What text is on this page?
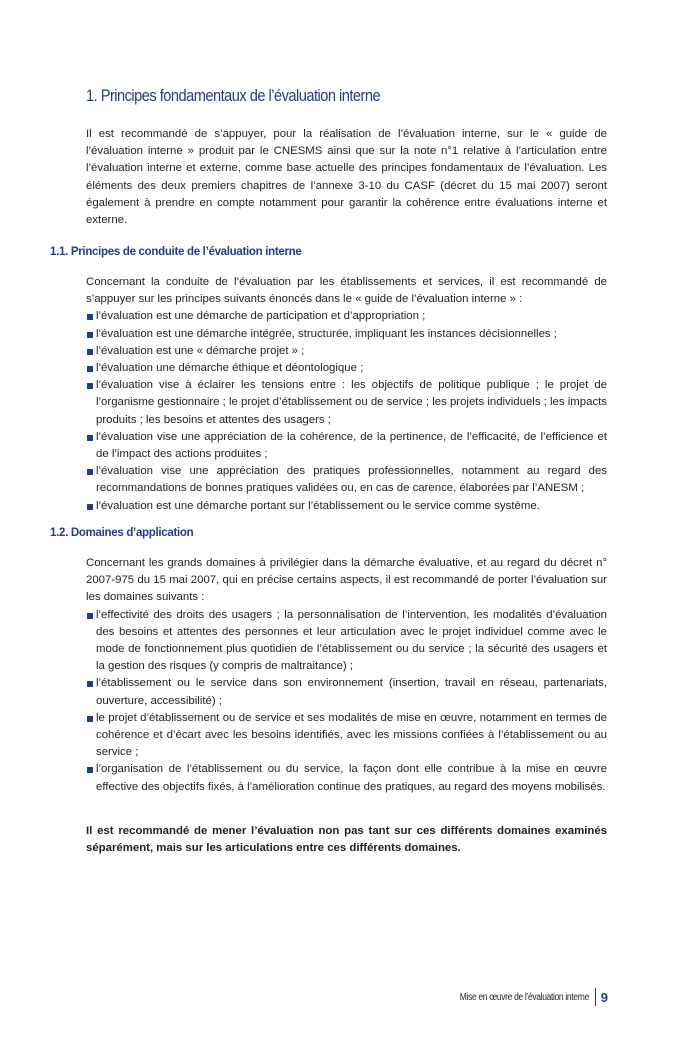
1. Principes fondamentaux de l’évaluation interne

Il est recommandé de s’appuyer, pour la réalisation de l’évaluation interne, sur le « guide de l’évaluation interne » produit par le CNESMS ainsi que sur la note n°1 relative à l’articulation entre l’évaluation interne et externe, comme base actuelle des principes fondamentaux de l’évaluation. Les éléments des deux premiers chapitres de l’annexe 3-10 du CASF (décret du 15 mai 2007) seront également à prendre en compte notamment pour garantir la cohérence entre évaluations interne et externe.

1.1. Principes de conduite de l’évaluation interne

Concernant la conduite de l’évaluation par les établissements et services, il est recommandé de s’appuyer sur les principes suivants énoncés dans le « guide de l’évaluation interne » :

l’évaluation est une démarche de participation et d’appropriation ;
l’évaluation est une démarche intégrée, structurée, impliquant les instances décisionnelles ;
l’évaluation est une « démarche projet » ;
l’évaluation une démarche éthique et déontologique ;
l’évaluation vise à éclairer les tensions entre : les objectifs de politique publique ; le projet de l’organisme gestionnaire ; le projet d’établissement ou de service ; les projets individuels ; les impacts produits ; les besoins et attentes des usagers ;
l’évaluation vise une appréciation de la cohérence, de la pertinence, de l’efficacité, de l’efficience et de l’impact des actions produites ;
l’évaluation vise une appréciation des pratiques professionnelles, notamment au regard des recommandations de bonnes pratiques validées ou, en cas de carence, élaborées par l’ANESM ;
l’évaluation est une démarche portant sur l’établissement ou le service comme système.
1.2. Domaines d’application

Concernant les grands domaines à privilégier dans la démarche évaluative, et au regard du décret n° 2007-975 du 15 mai 2007, qui en précise certains aspects, il est recommandé de porter l’évaluation sur les domaines suivants :

l’effectivité des droits des usagers ; la personnalisation de l’intervention, les modalités d’évaluation des besoins et attentes des personnes et leur articulation avec le projet individuel comme avec le mode de fonctionnement plus quotidien de l’établissement ou du service ; la sécurité des usagers et la gestion des risques (y compris de maltraitance) ;
l’établissement ou le service dans son environnement (insertion, travail en réseau, partenariats, ouverture, accessibilité) ;
le projet d’établissement ou de service et ses modalités de mise en œuvre, notamment en termes de cohérence et d’écart avec les besoins identifiés, avec les missions confiées à l’établissement ou au service ;
l’organisation de l’établissement ou du service, la façon dont elle contribue à la mise en œuvre effective des objectifs fixés, à l’amélioration continue des pratiques, au regard des moyens mobilisés.

Il est recommandé de mener l’évaluation non pas tant sur ces différents domaines examinés séparément, mais sur les articulations entre ces différents domaines.

Mise en œuvre de l’évaluation interne 9
